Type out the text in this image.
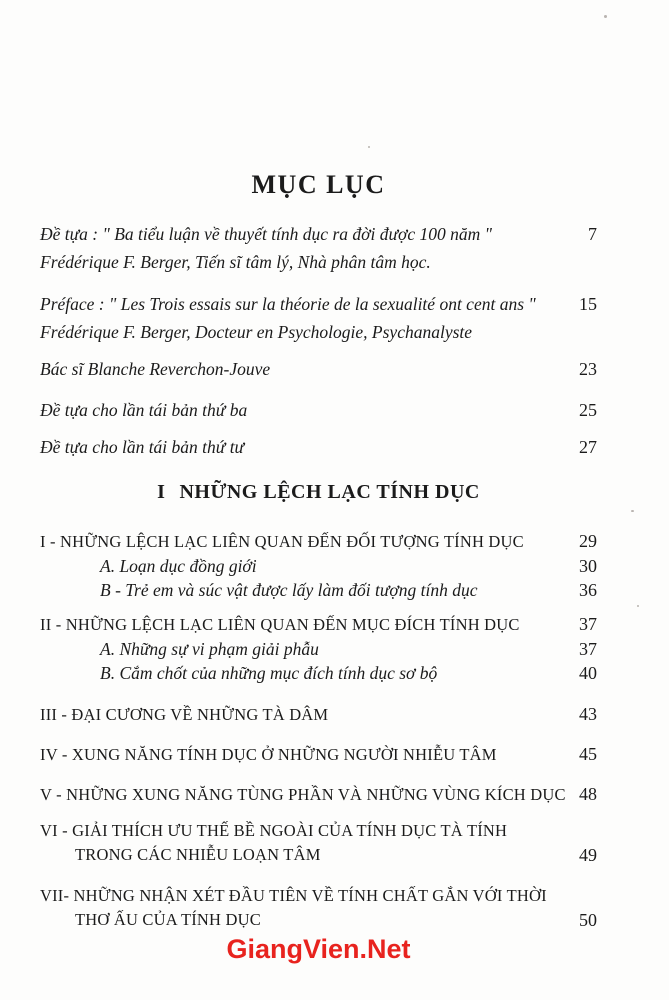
MỤC LỤC
Đề tựa : " Ba tiểu luận về thuyết tính dục ra đời được 100 năm "	7
Frédérique F. Berger, Tiến sĩ tâm lý, Nhà phân tâm học.
Préface : " Les Trois essais sur la théorie de la sexualité ont cent ans "	15
Frédérique F. Berger, Docteur en Psychologie, Psychanalyste
Bác sĩ Blanche Reverchon-Jouve	23
Đề tựa cho lần tái bản thứ ba	25
Đề tựa cho lần tái bản thứ tư	27
I NHỮNG LỆCH LẠC TÍNH DỤC
I - NHỮNG LỆCH LẠC LIÊN QUAN ĐẾN ĐỐI TƯỢNG TÍNH DỤC	29
A. Loạn dục đồng giới	30
B - Trẻ em và súc vật được lấy làm đối tượng tính dục	36
II - NHỮNG LỆCH LẠC LIÊN QUAN ĐẾN MỤC ĐÍCH TÍNH DỤC	37
A. Những sự vi phạm giải phẫu	37
B. Cắm chốt của những mục đích tính dục sơ bộ	40
III - ĐẠI CƯƠNG VỀ NHỮNG TÀ DÂM	43
IV - XUNG NĂNG TÍNH DỤC Ở NHỮNG NGƯỜI NHIỄU TÂM	45
V - NHỮNG XUNG NĂNG TÙNG PHẦN VÀ NHỮNG VÙNG KÍCH DỤC 48
VI - GIẢI THÍCH ƯU THẾ BỀ NGOÀI CỦA TÍNH DỤC TÀ TÍNH
TRONG CÁC NHIỄU LOẠN TÂM	49
VII- NHỮNG NHẬN XÉT ĐẦU TIÊN VỀ TÍNH CHẤT GẮN VỚI THỜI
THƠ ẤU CỦA TÍNH DỤC	50
GiangVien.Net
